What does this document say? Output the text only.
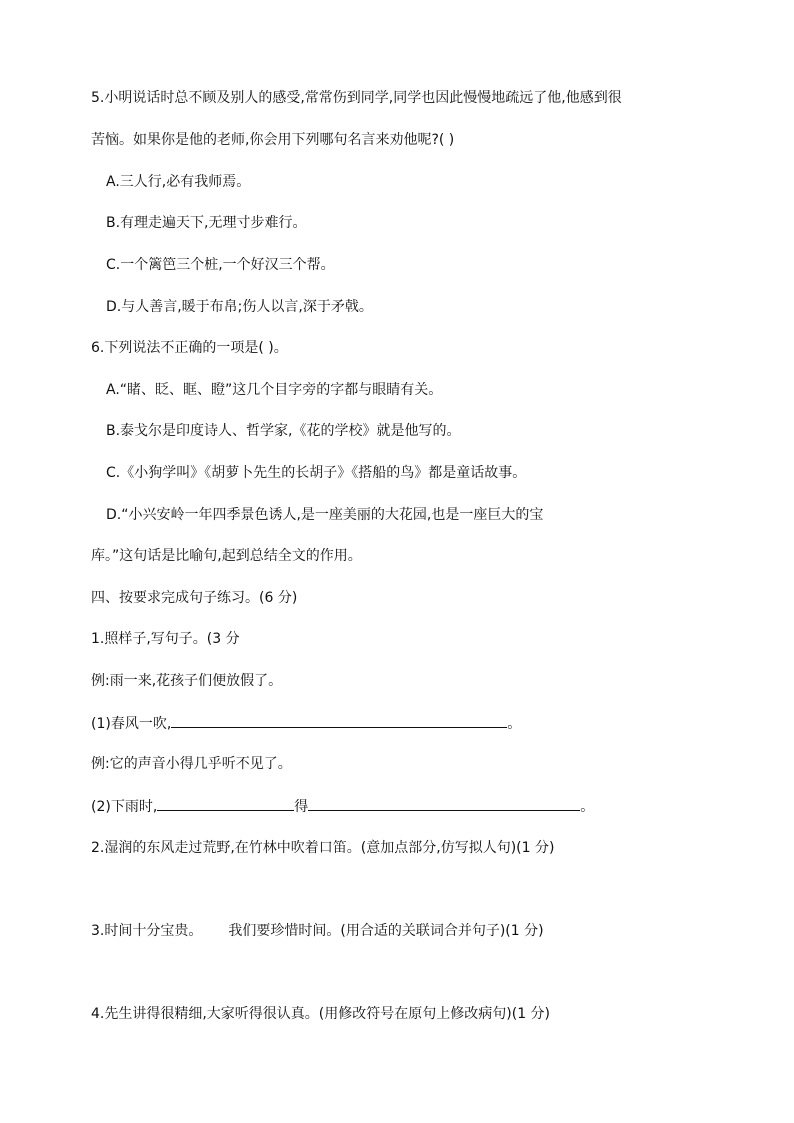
5.小明说话时总不顾及别人的感受,常常伤到同学,同学也因此慢慢地疏远了他,他感到很
苦恼。如果你是他的老师,你会用下列哪句名言来劝他呢?( )
A.三人行,必有我师焉。
B.有理走遍天下,无理寸步难行。
C.一个篱笆三个桩,一个好汉三个帮。
D.与人善言,暖于布帛;伤人以言,深于矛戟。
6.下列说法不正确的一项是( )。
A.“睹、眨、眶、瞪”这几个目字旁的字都与眼睛有关。
B.泰戈尔是印度诗人、哲学家,《花的学校》就是他写的。
C.《小狗学叫》《胡萝卜先生的长胡子》《搭船的鸟》都是童话故事。
D.“小兴安岭一年四季景色诱人,是一座美丽的大花园,也是一座巨大的宝
库。”这句话是比喻句,起到总结全文的作用。
四、按要求完成句子练习。(6 分)
1.照样子,写句子。(3 分
例:雨一来,花孩子们便放假了。
(1)春风一吹,	。
例:它的声音小得几乎听不见了。
(2)下雨时,	得	。
2.湿润的东风走过荒野,在竹林中吹着口笛。(意加点部分,仿写拟人句)(1 分)
3.时间十分宝贵。 我们要珍惜时间。(用合适的关联词合并句子)(1 分)
4.先生讲得很精细,大家听得很认真。(用修改符号在原句上修改病句)(1 分)
